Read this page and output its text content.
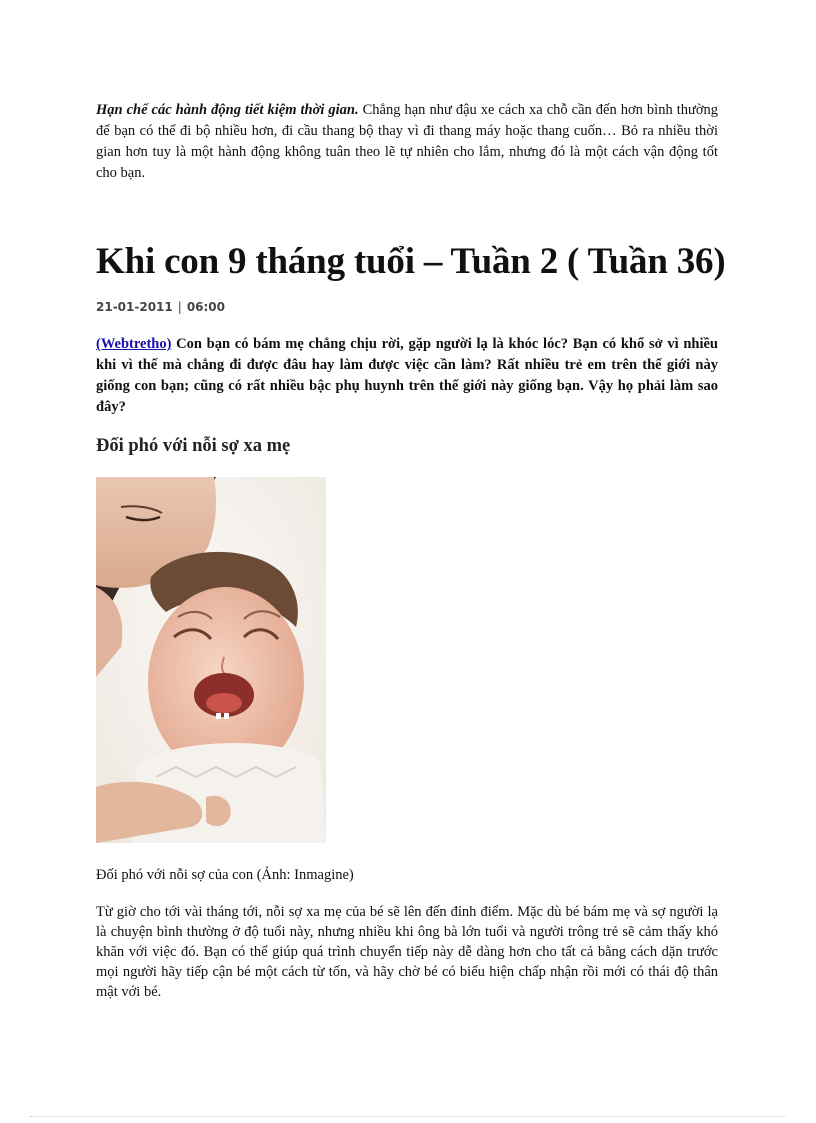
Hạn chế các hành động tiết kiệm thời gian. Chẳng hạn như đậu xe cách xa chỗ cần đến hơn bình thường để bạn có thể đi bộ nhiều hơn, đi cầu thang bộ thay vì đi thang máy hoặc thang cuốn… Bỏ ra nhiều thời gian hơn tuy là một hành động không tuân theo lẽ tự nhiên cho lắm, nhưng đó là một cách vận động tốt cho bạn.

Khi con 9 tháng tuổi – Tuần 2 ( Tuần 36)
21-01-2011 | 06:00

(Webtretho) Con bạn có bám mẹ chẳng chịu rời, gặp người lạ là khóc lóc? Bạn có khổ sở vì nhiều khi vì thế mà chẳng đi được đâu hay làm được việc cần làm? Rất nhiều trẻ em trên thế giới này giống con bạn; cũng có rất nhiều bậc phụ huynh trên thế giới này giống bạn. Vậy họ phải làm sao đây?

Đối phó với nỗi sợ xa mẹ

Đối phó với nỗi sợ của con (Ảnh: Inmagine)

Từ giờ cho tới vài tháng tới, nỗi sợ xa mẹ của bé sẽ lên đến đỉnh điểm. Mặc dù bé bám mẹ và sợ người lạ là chuyện bình thường ở độ tuổi này, nhưng nhiều khi ông bà lớn tuổi và người trông trẻ sẽ cảm thấy khó khăn với việc đó. Bạn có thể giúp quá trình chuyển tiếp này dễ dàng hơn cho tất cả bằng cách dặn trước mọi người hãy tiếp cận bé một cách từ tốn, và hãy chờ bé có biểu hiện chấp nhận rồi mới có thái độ thân mật với bé.
